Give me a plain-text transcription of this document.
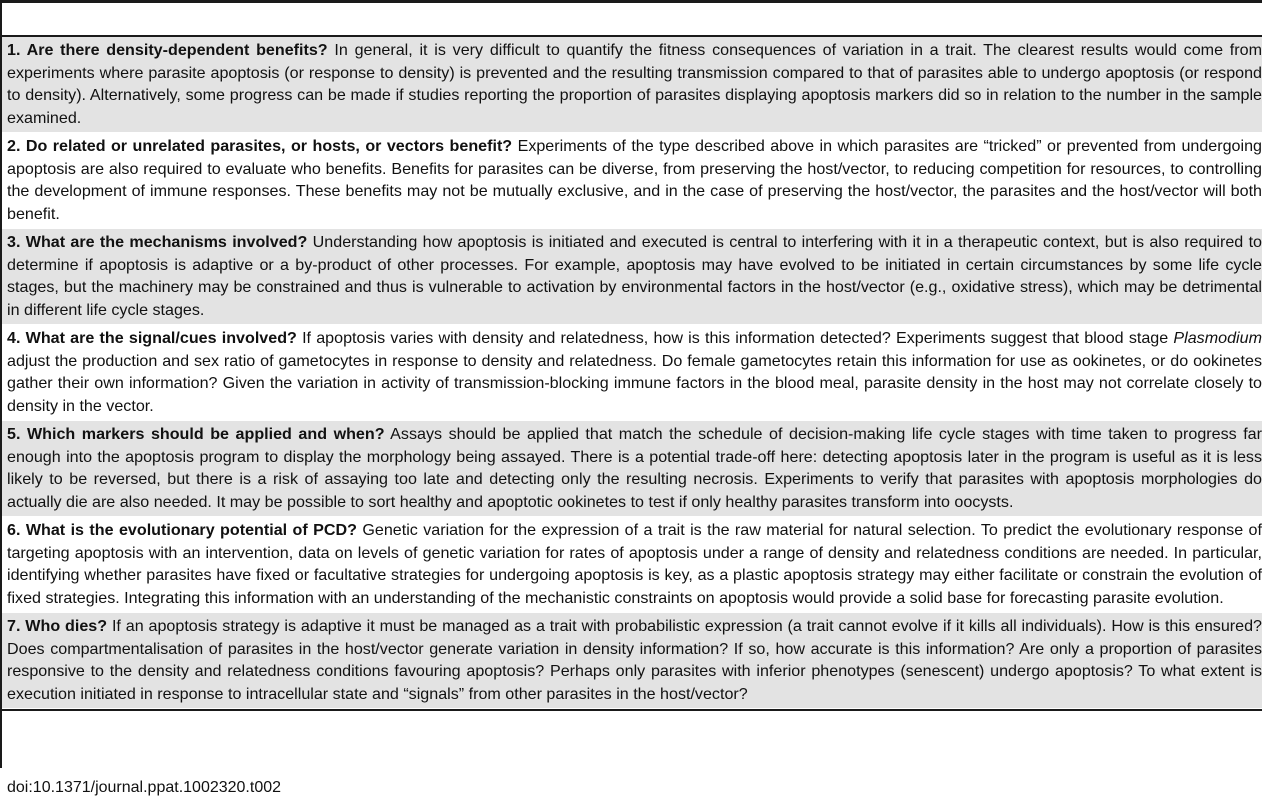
1. Are there density-dependent benefits? In general, it is very difficult to quantify the fitness consequences of variation in a trait. The clearest results would come from experiments where parasite apoptosis (or response to density) is prevented and the resulting transmission compared to that of parasites able to undergo apoptosis (or respond to density). Alternatively, some progress can be made if studies reporting the proportion of parasites displaying apoptosis markers did so in relation to the number in the sample examined.
2. Do related or unrelated parasites, or hosts, or vectors benefit? Experiments of the type described above in which parasites are “tricked” or prevented from undergoing apoptosis are also required to evaluate who benefits. Benefits for parasites can be diverse, from preserving the host/vector, to reducing competition for resources, to controlling the development of immune responses. These benefits may not be mutually exclusive, and in the case of preserving the host/vector, the parasites and the host/vector will both benefit.
3. What are the mechanisms involved? Understanding how apoptosis is initiated and executed is central to interfering with it in a therapeutic context, but is also required to determine if apoptosis is adaptive or a by-product of other processes. For example, apoptosis may have evolved to be initiated in certain circumstances by some life cycle stages, but the machinery may be constrained and thus is vulnerable to activation by environmental factors in the host/vector (e.g., oxidative stress), which may be detrimental in different life cycle stages.
4. What are the signal/cues involved? If apoptosis varies with density and relatedness, how is this information detected? Experiments suggest that blood stage Plasmodium adjust the production and sex ratio of gametocytes in response to density and relatedness. Do female gametocytes retain this information for use as ookinetes, or do ookinetes gather their own information? Given the variation in activity of transmission-blocking immune factors in the blood meal, parasite density in the host may not correlate closely to density in the vector.
5. Which markers should be applied and when? Assays should be applied that match the schedule of decision-making life cycle stages with time taken to progress far enough into the apoptosis program to display the morphology being assayed. There is a potential trade-off here: detecting apoptosis later in the program is useful as it is less likely to be reversed, but there is a risk of assaying too late and detecting only the resulting necrosis. Experiments to verify that parasites with apoptosis morphologies do actually die are also needed. It may be possible to sort healthy and apoptotic ookinetes to test if only healthy parasites transform into oocysts.
6. What is the evolutionary potential of PCD? Genetic variation for the expression of a trait is the raw material for natural selection. To predict the evolutionary response of targeting apoptosis with an intervention, data on levels of genetic variation for rates of apoptosis under a range of density and relatedness conditions are needed. In particular, identifying whether parasites have fixed or facultative strategies for undergoing apoptosis is key, as a plastic apoptosis strategy may either facilitate or constrain the evolution of fixed strategies. Integrating this information with an understanding of the mechanistic constraints on apoptosis would provide a solid base for forecasting parasite evolution.
7. Who dies? If an apoptosis strategy is adaptive it must be managed as a trait with probabilistic expression (a trait cannot evolve if it kills all individuals). How is this ensured? Does compartmentalisation of parasites in the host/vector generate variation in density information? If so, how accurate is this information? Are only a proportion of parasites responsive to the density and relatedness conditions favouring apoptosis? Perhaps only parasites with inferior phenotypes (senescent) undergo apoptosis? To what extent is execution initiated in response to intracellular state and “signals” from other parasites in the host/vector?
doi:10.1371/journal.ppat.1002320.t002
